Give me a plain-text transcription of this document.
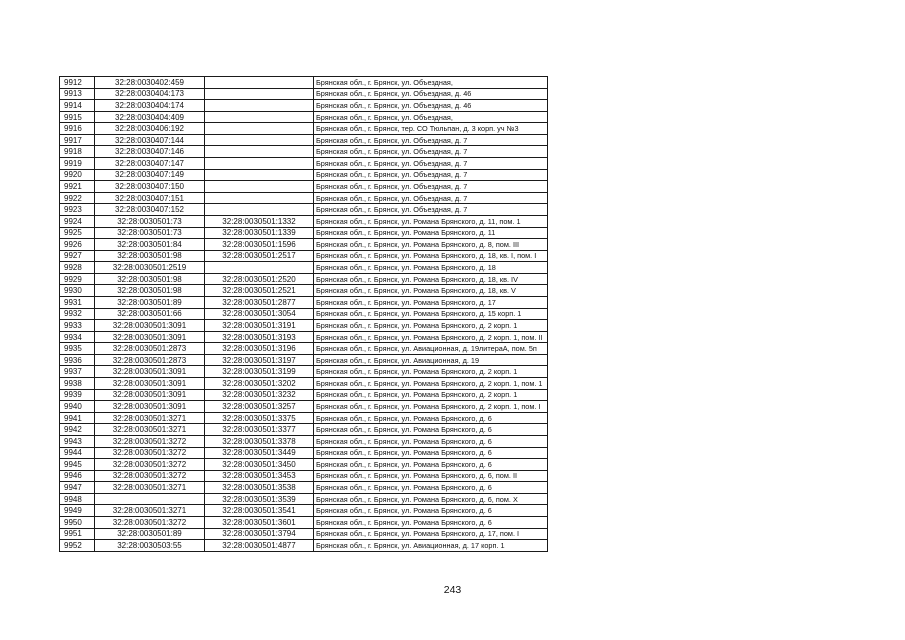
9912	32:28:0030402:459		Брянская обл., г. Брянск, ул. Объездная,
9913	32:28:0030404:173		Брянская обл., г. Брянск, ул. Объездная, д. 46
9914	32:28:0030404:174		Брянская обл., г. Брянск, ул. Объездная, д. 46
9915	32:28:0030404:409		Брянская обл., г. Брянск, ул. Объездная,
9916	32:28:0030406:192		Брянская обл., г. Брянск, тер. СО Тюльпан, д. 3 корп. уч №3
9917	32:28:0030407:144		Брянская обл., г. Брянск, ул. Объездная, д. 7
9918	32:28:0030407:146		Брянская обл., г. Брянск, ул. Объездная, д. 7
9919	32:28:0030407:147		Брянская обл., г. Брянск, ул. Объездная, д. 7
9920	32:28:0030407:149		Брянская обл., г. Брянск, ул. Объездная, д. 7
9921	32:28:0030407:150		Брянская обл., г. Брянск, ул. Объездная, д. 7
9922	32:28:0030407:151		Брянская обл., г. Брянск, ул. Объездная, д. 7
9923	32:28:0030407:152		Брянская обл., г. Брянск, ул. Объездная, д. 7
9924	32:28:0030501:73	32:28:0030501:1332	Брянская обл., г. Брянск, ул. Романа Брянского, д. 11, пом. 1
9925	32:28:0030501:73	32:28:0030501:1339	Брянская обл., г. Брянск, ул. Романа Брянского, д. 11
9926	32:28:0030501:84	32:28:0030501:1596	Брянская обл., г. Брянск, ул. Романа Брянского, д. 8, пом. III
9927	32:28:0030501:98	32:28:0030501:2517	Брянская обл., г. Брянск, ул. Романа Брянского, д. 18, кв. I, пом. I
9928	32:28:0030501:2519		Брянская обл., г. Брянск, ул. Романа Брянского, д. 18
9929	32:28:0030501:98	32:28:0030501:2520	Брянская обл., г. Брянск, ул. Романа Брянского, д. 18, кв. IV
9930	32:28:0030501:98	32:28:0030501:2521	Брянская обл., г. Брянск, ул. Романа Брянского, д. 18, кв. V
9931	32:28:0030501:89	32:28:0030501:2877	Брянская обл., г. Брянск, ул. Романа Брянского, д. 17
9932	32:28:0030501:66	32:28:0030501:3054	Брянская обл., г. Брянск, ул. Романа Брянского, д. 15 корп. 1
9933	32:28:0030501:3091	32:28:0030501:3191	Брянская обл., г. Брянск, ул. Романа Брянского, д. 2 корп. 1
9934	32:28:0030501:3091	32:28:0030501:3193	Брянская обл., г. Брянск, ул. Романа Брянского, д. 2 корп. 1, пом. II
9935	32:28:0030501:2873	32:28:0030501:3196	Брянская обл., г. Брянск, ул. Авиационная, д. 19литераА, пом. 5п
9936	32:28:0030501:2873	32:28:0030501:3197	Брянская обл., г. Брянск, ул. Авиационная, д. 19
9937	32:28:0030501:3091	32:28:0030501:3199	Брянская обл., г. Брянск, ул. Романа Брянского, д. 2 корп. 1
9938	32:28:0030501:3091	32:28:0030501:3202	Брянская обл., г. Брянск, ул. Романа Брянского, д. 2 корп. 1, пом. 1
9939	32:28:0030501:3091	32:28:0030501:3232	Брянская обл., г. Брянск, ул. Романа Брянского, д. 2 корп. 1
9940	32:28:0030501:3091	32:28:0030501:3257	Брянская обл., г. Брянск, ул. Романа Брянского, д. 2 корп. 1, пом. I
9941	32:28:0030501:3271	32:28:0030501:3375	Брянская обл., г. Брянск, ул. Романа Брянского, д. 6
9942	32:28:0030501:3271	32:28:0030501:3377	Брянская обл., г. Брянск, ул. Романа Брянского, д. 6
9943	32:28:0030501:3272	32:28:0030501:3378	Брянская обл., г. Брянск, ул. Романа Брянского, д. 6
9944	32:28:0030501:3272	32:28:0030501:3449	Брянская обл., г. Брянск, ул. Романа Брянского, д. 6
9945	32:28:0030501:3272	32:28:0030501:3450	Брянская обл., г. Брянск, ул. Романа Брянского, д. 6
9946	32:28:0030501:3272	32:28:0030501:3453	Брянская обл., г. Брянск, ул. Романа Брянского, д. 6, пом. II
9947	32:28:0030501:3271	32:28:0030501:3538	Брянская обл., г. Брянск, ул. Романа Брянского, д. 6
9948		32:28:0030501:3539	Брянская обл., г. Брянск, ул. Романа Брянского, д. 6, пом. X
9949	32:28:0030501:3271	32:28:0030501:3541	Брянская обл., г. Брянск, ул. Романа Брянского, д. 6
9950	32:28:0030501:3272	32:28:0030501:3601	Брянская обл., г. Брянск, ул. Романа Брянского, д. 6
9951	32:28:0030501:89	32:28:0030501:3794	Брянская обл., г. Брянск, ул. Романа Брянского, д. 17, пом. I
9952	32:28:0030503:55	32:28:0030501:4877	Брянская обл., г. Брянск, ул. Авиационная, д. 17 корп. 1
243
